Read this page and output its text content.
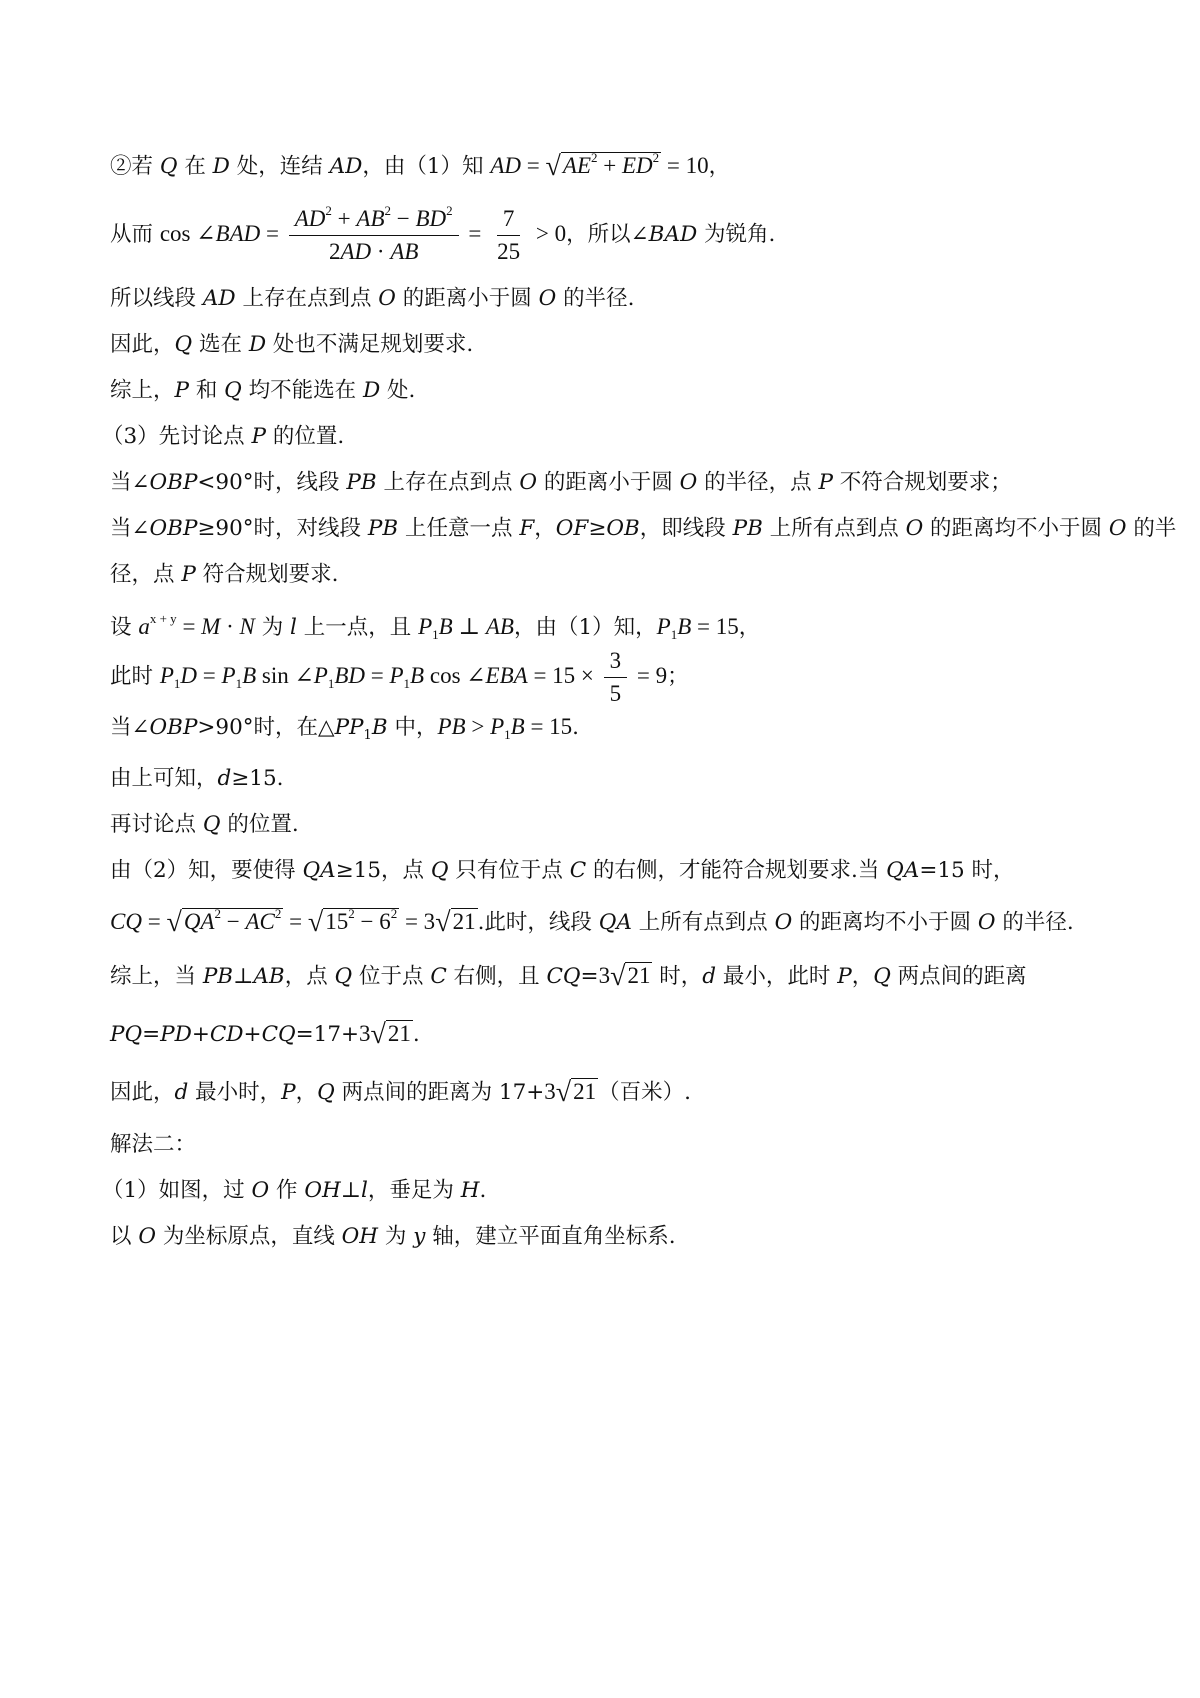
②若 Q 在 D 处，连结 AD，由（1）知 AD = $√AE^2 + ED^2 = 10$，
从而 cos ∠BAD = $\frac{AD^2 + AB^2 - BD^2}{2AD \cdot AB} = \frac{7}{25} > 0$，所以∠BAD 为锐角.
所以线段 AD 上存在点到点 O 的距离小于圆 O 的半径.
因此，Q 选在 D 处也不满足规划要求.
综上，P 和 Q 均不能选在 D 处.
（3）先讨论点 P 的位置.
当∠OBP<90°时，线段 PB 上存在点到点 O 的距离小于圆 O 的半径，点 P 不符合规划要求；
当∠OBP≥90°时，对线段 PB 上任意一点 F，OF≥OB，即线段 PB 上所有点到点 O 的距离均不小于圆 O 的半
径，点 P 符合规划要求.
设 $a^{x + y} = M \cdot N$ 为 l 上一点，且 $P_1B$ ⊥ AB，由（1）知，$P_1B = 15$，
此时 $P_1D = P_1B$ $\sin \angle P_1BD = P_1B$ cos ∠EBA = $15 \times \frac{3}{5} = 9$；
当∠OBP>90°时，在$\triangle PP_1B$ 中，PB > $P_1B = 15$.
由上可知，d≥15.
再讨论点 Q 的位置.
由（2）知，要使得 QA≥15，点 Q 只有位于点 C 的右侧，才能符合规划要求.当 QA=15 时，
CQ = $√QA^2 - AC^2 = √15^2 - 6^2 = 3√21$.此时，线段 QA 上所有点到点 O 的距离均不小于圆 O 的半径.
综上，当 PB⊥AB，点 Q 位于点 C 右侧，且 CQ=3√21 时，d 最小，此时 P，Q 两点间的距离
PQ=PD+CD+CQ=17+3√21.
因此，d 最小时，P，Q 两点间的距离为 17+3√21（百米）.
解法二：
（1）如图，过 O 作 OH⊥l，垂足为 H.
以 O 为坐标原点，直线 OH 为 y 轴，建立平面直角坐标系.
